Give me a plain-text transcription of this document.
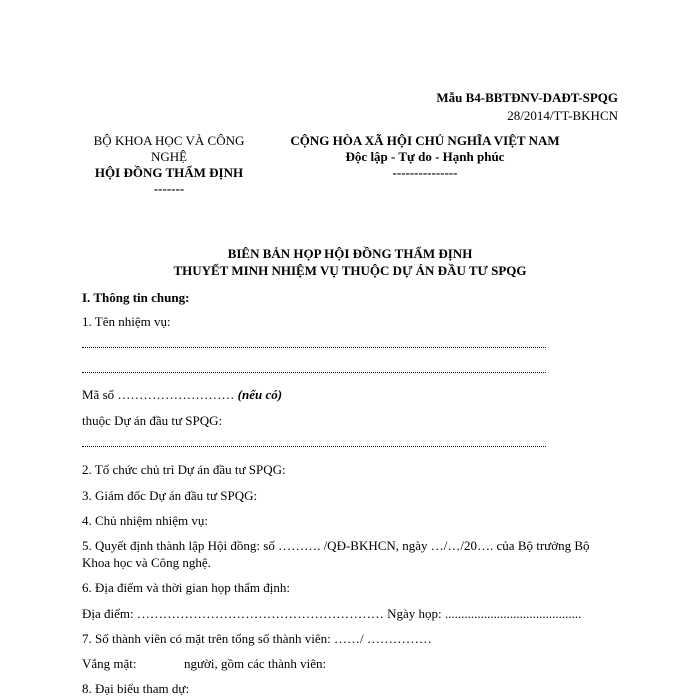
Mẫu B4-BBTĐNV-DAĐT-SPQG
28/2014/TT-BKHCN
BỘ KHOA HỌC VÀ CÔNG
NGHỆ
HỘI ĐỒNG THẨM ĐỊNH
-------
CỘNG HÒA XÃ HỘI CHỦ NGHĨA VIỆT NAM
Độc lập - Tự do - Hạnh phúc
---------------
BIÊN BẢN HỌP HỘI ĐỒNG THẨM ĐỊNH
THUYẾT MINH NHIỆM VỤ THUỘC DỰ ÁN ĐẦU TƯ SPQG
I. Thông tin chung:
1. Tên nhiệm vụ:
Mã số ……………………… (nếu có)
thuộc Dự án đầu tư SPQG:
2. Tổ chức chủ trì Dự án đầu tư SPQG:
3. Giám đốc Dự án đầu tư SPQG:
4. Chủ nhiệm nhiệm vụ:
5. Quyết định thành lập Hội đồng: số ………. /QĐ-BKHCN, ngày …/…/20…. của Bộ trưởng Bộ
Khoa học và Công nghệ.
6. Địa điểm và thời gian họp thẩm định:
Địa điểm: ………………………………………………… Ngày họp: ..........................................
7. Số thành viên có mặt trên tổng số thành viên: ……/ ……………
Vắng mặt:	người, gồm các thành viên:
8. Đại biểu tham dự:
